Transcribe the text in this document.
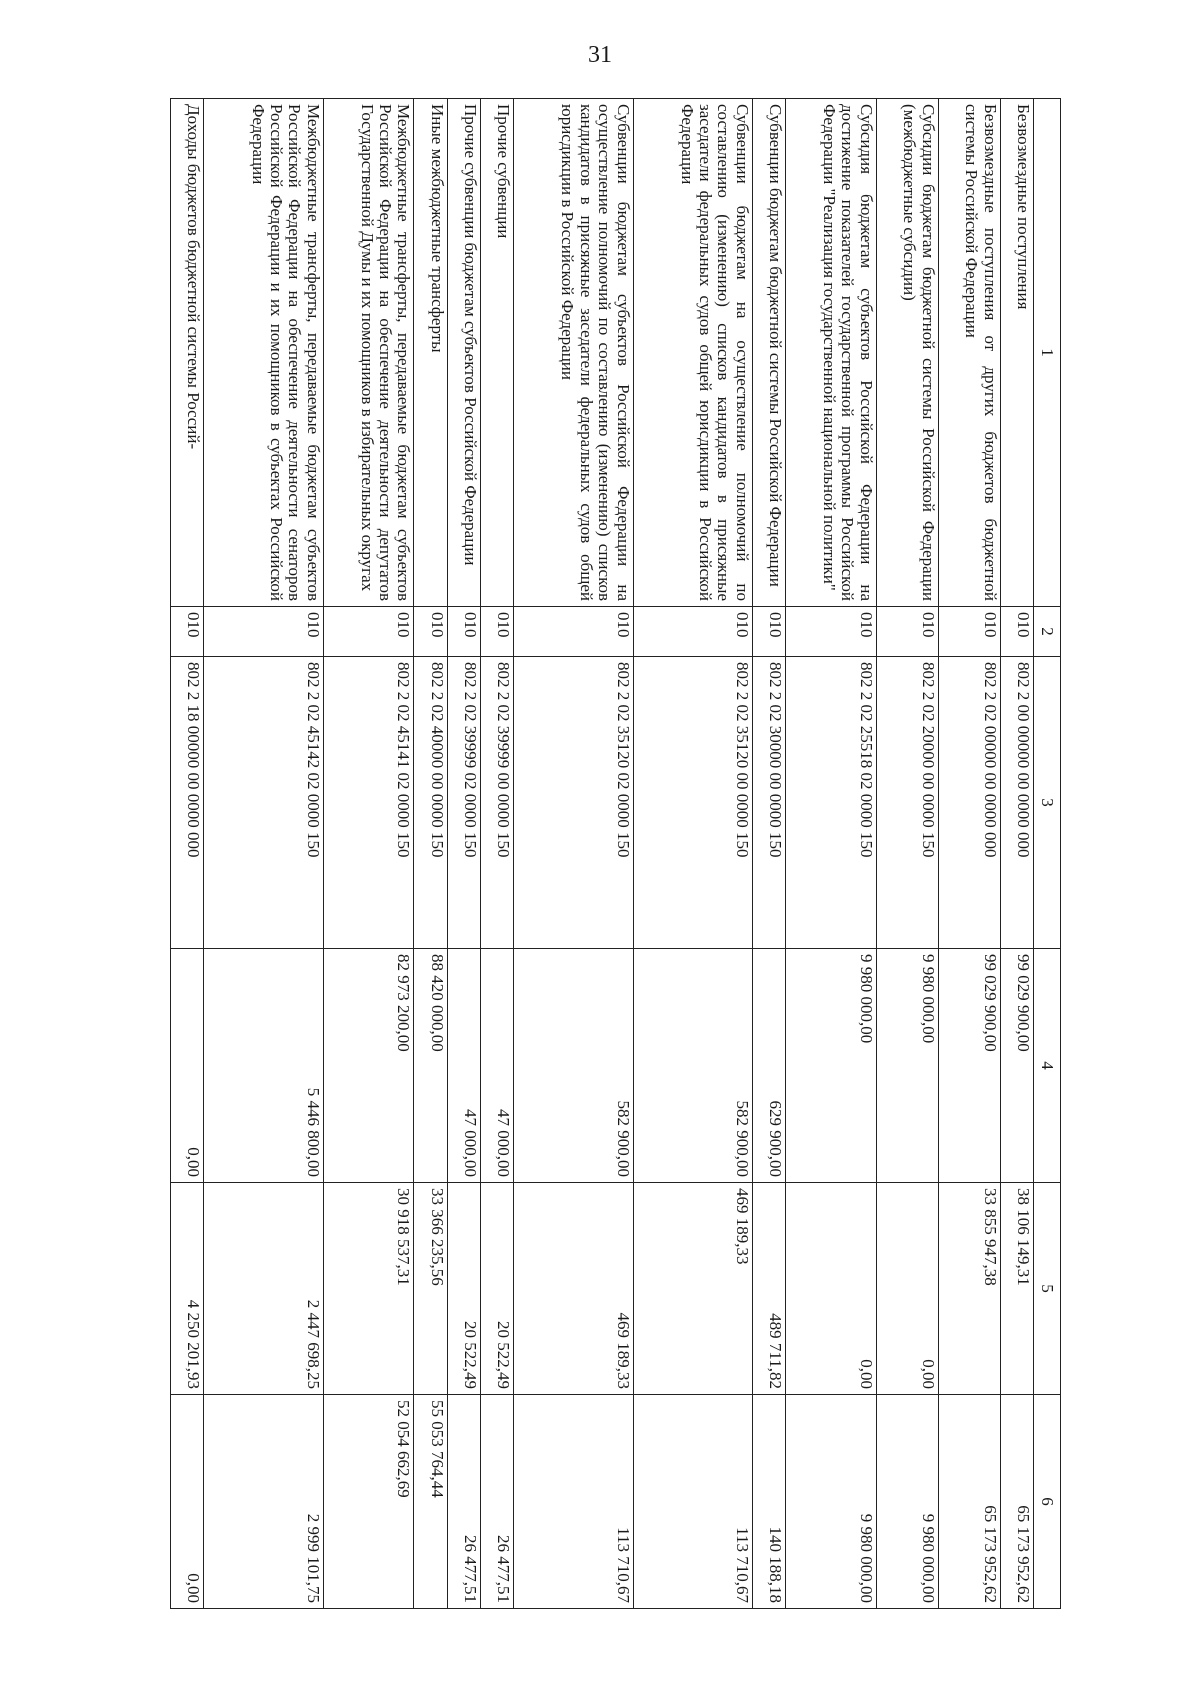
31
1	2	3	4	5	6
Безвозмездные поступления	010	802 2 00 00000 00 0000 000	99 029 900,00	38 106 149,31	65 173 952,62
Безвозмездные поступления от других бюджетов бюджетной системы Российской Федерации	010	802 2 02 00000 00 0000 000	99 029 900,00	33 855 947,38	65 173 952,62
Субсидии бюджетам бюджетной системы Российской Федерации (межбюджетные субсидии)	010	802 2 02 20000 00 0000 150	9 980 000,00	0,00	9 980 000,00
Субсидия бюджетам субъектов Российской Федерации на достижение показателей государственной программы Российской Федерации "Реализация государственной национальной политики"	010	802 2 02 25518 02 0000 150	9 980 000,00	0,00	9 980 000,00
Субвенции бюджетам бюджетной системы Российской Федерации	010	802 2 02 30000 00 0000 150	629 900,00	489 711,82	140 188,18
Субвенции бюджетам на осуществление полномочий по составлению (изменению) списков кандидатов в присяжные заседатели федеральных судов общей юрисдикции в Российской Федерации	010	802 2 02 35120 00 0000 150	582 900,00	469 189,33	113 710,67
Субвенции бюджетам субъектов Российской Федерации на осуществление полномочий по составлению (изменению) списков кандидатов в присяжные заседатели федеральных судов общей юрисдикции в Российской Федерации	010	802 2 02 35120 02 0000 150	582 900,00	469 189,33	113 710,67
Прочие субвенции	010	802 2 02 39999 00 0000 150	47 000,00	20 522,49	26 477,51
Прочие субвенции бюджетам субъектов Российской Федерации	010	802 2 02 39999 02 0000 150	47 000,00	20 522,49	26 477,51
Иные межбюджетные трансферты	010	802 2 02 40000 00 0000 150	88 420 000,00	33 366 235,56	55 053 764,44
Межбюджетные трансферты, передаваемые бюджетам субъектов Российской Федерации на обеспечение деятельности депутатов Государственной Думы и их помощников в избирательных округах	010	802 2 02 45141 02 0000 150	82 973 200,00	30 918 537,31	52 054 662,69
Межбюджетные трансферты, передаваемые бюджетам субъектов Российской Федерации на обеспечение деятельности сенаторов Российской Федерации и их помощников в субъектах Российской Федерации	010	802 2 02 45142 02 0000 150	5 446 800,00	2 447 698,25	2 999 101,75
Доходы бюджетов бюджетной системы Россий-	010	802 2 18 00000 00 0000 000	0,00	4 250 201,93	0,00
